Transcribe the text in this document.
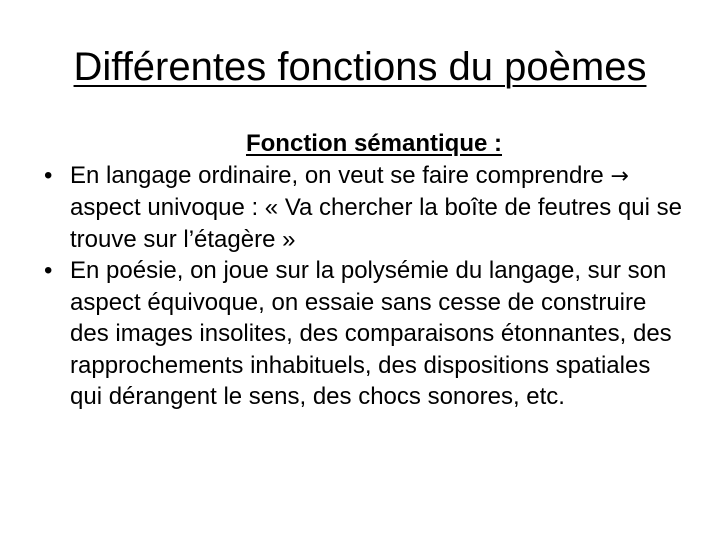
Différentes fonctions du poèmes
Fonction sémantique :
• En langage ordinaire, on veut se faire comprendre → aspect univoque : « Va chercher la boîte de feutres qui se trouve sur l’étagère »
• En poésie, on joue sur la polysémie du langage, sur son aspect équivoque, on essaie sans cesse de construire des images insolites, des comparaisons étonnantes, des rapprochements inhabituels, des dispositions spatiales qui dérangent le sens, des chocs sonores, etc.
